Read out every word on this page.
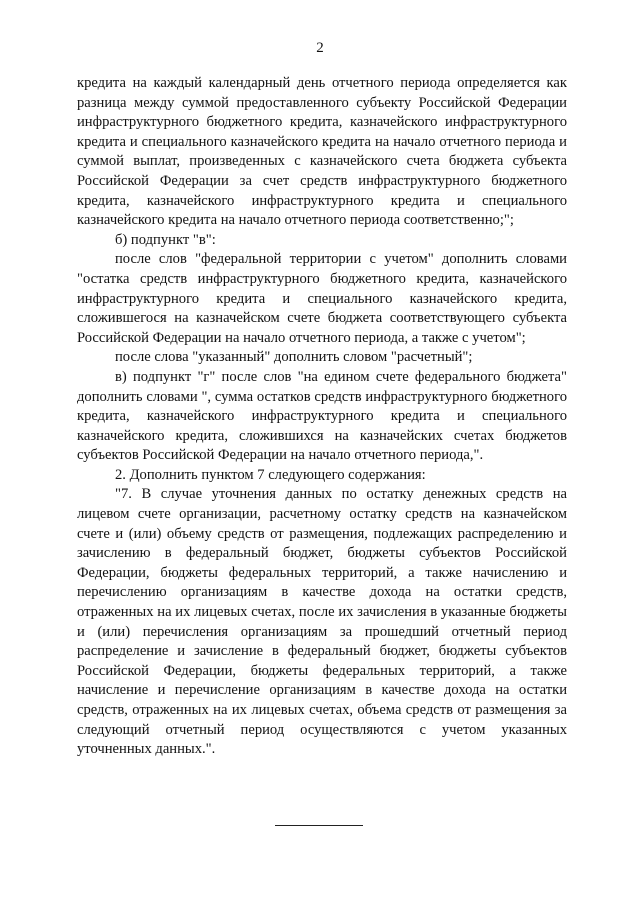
2

кредита на каждый календарный день отчетного периода определяется как разница между суммой предоставленного субъекту Российской Федерации инфраструктурного бюджетного кредита, казначейского инфраструктурного кредита и специального казначейского кредита на начало отчетного периода и суммой выплат, произведенных с казначейского счета бюджета субъекта Российской Федерации за счет средств инфраструктурного бюджетного кредита, казначейского инфраструктурного кредита и специального казначейского кредита на начало отчетного периода соответственно;";

б) подпункт "в":

после слов "федеральной территории с учетом" дополнить словами "остатка средств инфраструктурного бюджетного кредита, казначейского инфраструктурного кредита и специального казначейского кредита, сложившегося на казначейском счете бюджета соответствующего субъекта Российской Федерации на начало отчетного периода, а также с учетом";

после слова "указанный" дополнить словом "расчетный";

в) подпункт "г" после слов "на едином счете федерального бюджета" дополнить словами ", сумма остатков средств инфраструктурного бюджетного кредита, казначейского инфраструктурного кредита и специального казначейского кредита, сложившихся на казначейских счетах бюджетов субъектов Российской Федерации на начало отчетного периода,".

2. Дополнить пунктом 7 следующего содержания:

"7. В случае уточнения данных по остатку денежных средств на лицевом счете организации, расчетному остатку средств на казначейском счете и (или) объему средств от размещения, подлежащих распределению и зачислению в федеральный бюджет, бюджеты субъектов Российской Федерации, бюджеты федеральных территорий, а также начислению и перечислению организациям в качестве дохода на остатки средств, отраженных на их лицевых счетах, после их зачисления в указанные бюджеты и (или) перечисления организациям за прошедший отчетный период распределение и зачисление в федеральный бюджет, бюджеты субъектов Российской Федерации, бюджеты федеральных территорий, а также начисление и перечисление организациям в качестве дохода на остатки средств, отраженных на их лицевых счетах, объема средств от размещения за следующий отчетный период осуществляются с учетом указанных уточненных данных.".
